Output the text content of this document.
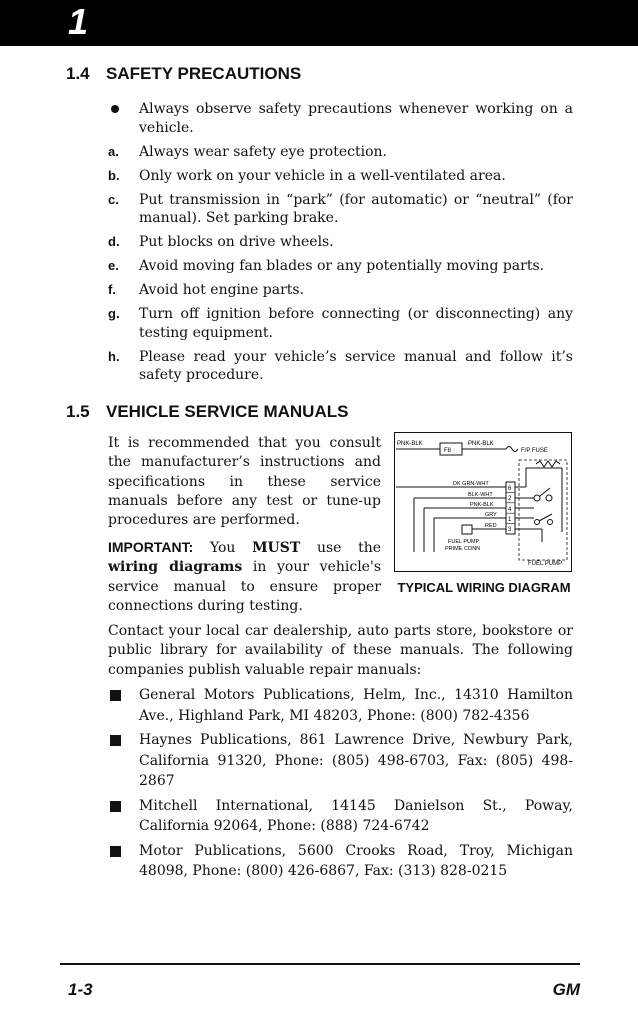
1
1.4 SAFETY PRECAUTIONS
Always observe safety precautions whenever working on a vehicle.
a.	Always wear safety eye protection.
b.	Only work on your vehicle in a well-ventilated area.
c.	Put transmission in “park” (for automatic) or “neutral” (for manual). Set parking brake.
d.	Put blocks on drive wheels.
e.	Avoid moving fan blades or any potentially moving parts.
f.	Avoid hot engine parts.
g.	Turn off ignition before connecting (or disconnecting) any testing equipment.
h.	Please read your vehicle’s service manual and follow it’s safety procedure.
1.5 VEHICLE SERVICE MANUALS

It is recommended that you consult the manufacturer’s instructions and specifications in these service manuals before any test or tune-up procedures are performed.

IMPORTANT: You MUST use the wiring diagrams in your vehicle's service manual to ensure proper connections during testing.

PNK-BLK
F8
PNK-BLK
F/P FUSE
6
2
4
1
3
DK GRN-WHT
BLK-WHT
PNK-BLK
GRY
RED
FUEL PUMP
PRIME CONN
FUEL PUMP
TYPICAL WIRING DIAGRAM

Contact your local car dealership, auto parts store, bookstore or public library for availability of these manuals. The following companies publish valuable repair manuals:

General Motors Publications, Helm, Inc., 14310 Hamilton Ave., Highland Park, MI 48203, Phone: (800) 782-4356
Haynes Publications, 861 Lawrence Drive, Newbury Park, California 91320, Phone: (805) 498-6703, Fax: (805) 498-2867
Mitchell International, 14145 Danielson St., Poway, California 92064, Phone: (888) 724-6742
Motor Publications, 5600 Crooks Road, Troy, Michigan 48098, Phone: (800) 426-6867, Fax: (313) 828-0215
1-3	GM
